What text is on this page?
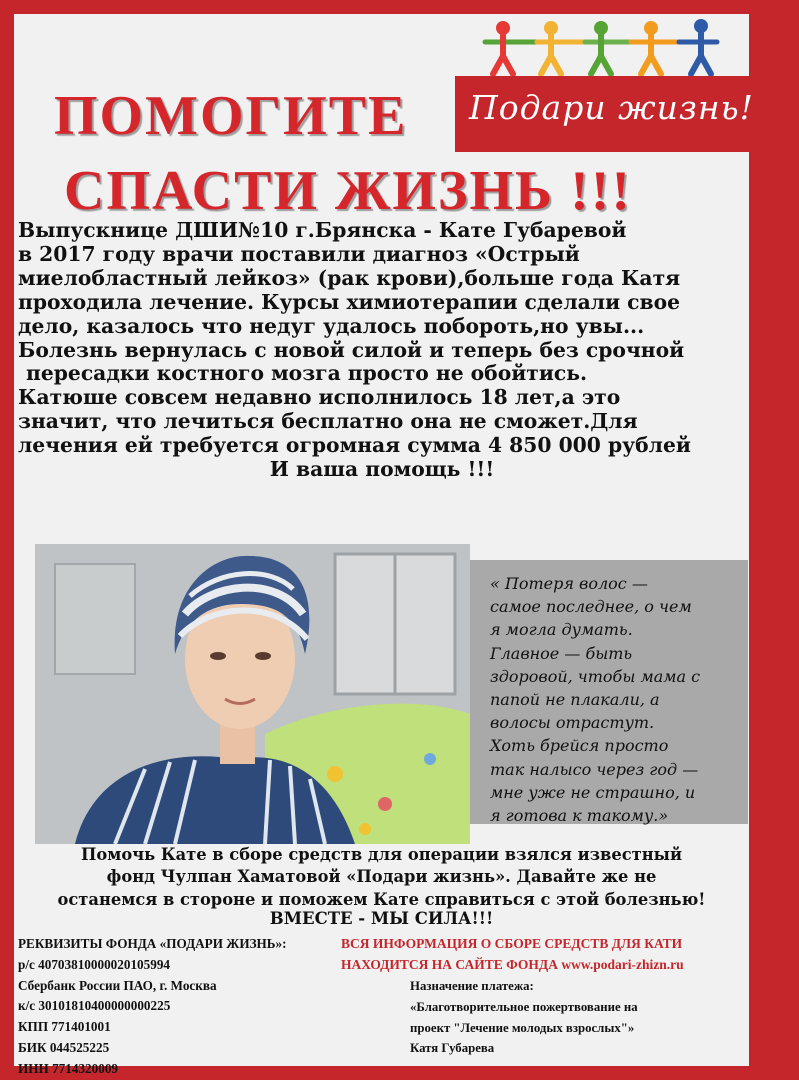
Подари жизнь!
ПОМОГИТЕ
СПАСТИ ЖИЗНЬ !!!
Выпускнице ДШИ№10 г.Брянска - Кате Губаревой
в 2017 году врачи поставили диагноз «Острый
миелобластный лейкоз» (рак крови),больше года Катя
проходила лечение. Курсы химиотерапии сделали свое
дело, казалось что недуг удалось побороть,но увы...
Болезнь вернулась с новой силой и теперь без срочной
пересадки костного мозга просто не обойтись.
Катюше совсем недавно исполнилось 18 лет,а это
значит, что лечиться бесплатно она не сможет.Для
лечения ей требуется огромная сумма 4 850 000 рублей
И ваша помощь !!!
« Потеря волос —
самое последнее, о чем
я могла думать.
Главное — быть
здоровой, чтобы мама с
папой не плакали, а
волосы отрастут.
Хоть брейся просто
так налысо через год —
мне уже не страшно, и
я готова к такому.»
Помочь Кате в сборе средств для операции взялся известный
фонд Чулпан Хаматовой «Подари жизнь». Давайте же не
останемся в стороне и поможем Кате справиться с этой болезнью!
ВМЕСТЕ - МЫ СИЛА!!!
РЕКВИЗИТЫ ФОНДА «ПОДАРИ ЖИЗНЬ»:
р/с 40703810000020105994
Сбербанк России ПАО, г. Москва
к/с 30101810400000000225
КПП 771401001
БИК 044525225
ИНН 7714320009
ВСЯ ИНФОРМАЦИЯ О СБОРЕ СРЕДСТВ ДЛЯ КАТИ
НАХОДИТСЯ НА САЙТЕ ФОНДА www.podari-zhizn.ru
Назначение платежа:
«Благотворительное пожертвование на
проект "Лечение молодых взрослых"»
Катя Губарева
